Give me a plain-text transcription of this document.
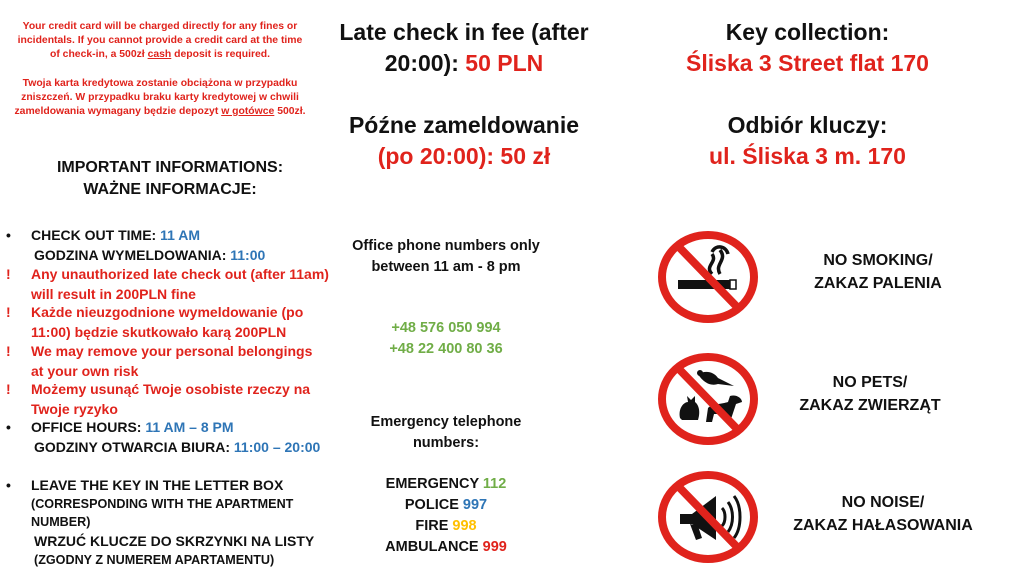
Your credit card will be charged directly for any fines or incidentals. If you cannot provide a credit card at the time of check-in, a 500zł cash deposit is required.

Twoja karta kredytowa zostanie obciążona w przypadku zniszczeń. W przypadku braku karty kredytowej w chwili zameldowania wymagany będzie depozyt w gotówce 500zł.

IMPORTANT INFORMATIONS:
WAŻNE INFORMACJE:
• CHECK OUT TIME: 11 AM
GODZINA WYMELDOWANIA: 11:00
! Any unauthorized late check out (after 11am) will result in 200PLN fine
! Każde nieuzgodnione wymeldowanie (po 11:00) będzie skutkowało karą 200PLN
! We may remove your personal belongings at your own risk
! Możemy usunąć Twoje osobiste rzeczy na Twoje ryzyko
• OFFICE HOURS: 11 AM – 8 PM
GODZINY OTWARCIA BIURA: 11:00 – 20:00
• LEAVE THE KEY IN THE LETTER BOX
(CORRESPONDING WITH THE APARTMENT NUMBER)
WRZUĆ KLUCZE DO SKRZYNKI NA LISTY
(ZGODNY Z NUMEREM APARTAMENTU)
Late check in fee (after 20:00): 50 PLN
Późne zameldowanie
(po 20:00): 50 zł
Office phone numbers only between 11 am - 8 pm
+48 576 050 994
+48 22 400 80 36
Emergency telephone numbers:
EMERGENCY 112
POLICE 997
FIRE 998
AMBULANCE 999
Key collection:
Śliska 3 Street flat 170
Odbiór kluczy:
ul. Śliska 3 m. 170
NO SMOKING/
ZAKAZ PALENIA
NO PETS/
ZAKAZ ZWIERZĄT
NO NOISE/
ZAKAZ HAŁASOWANIA
